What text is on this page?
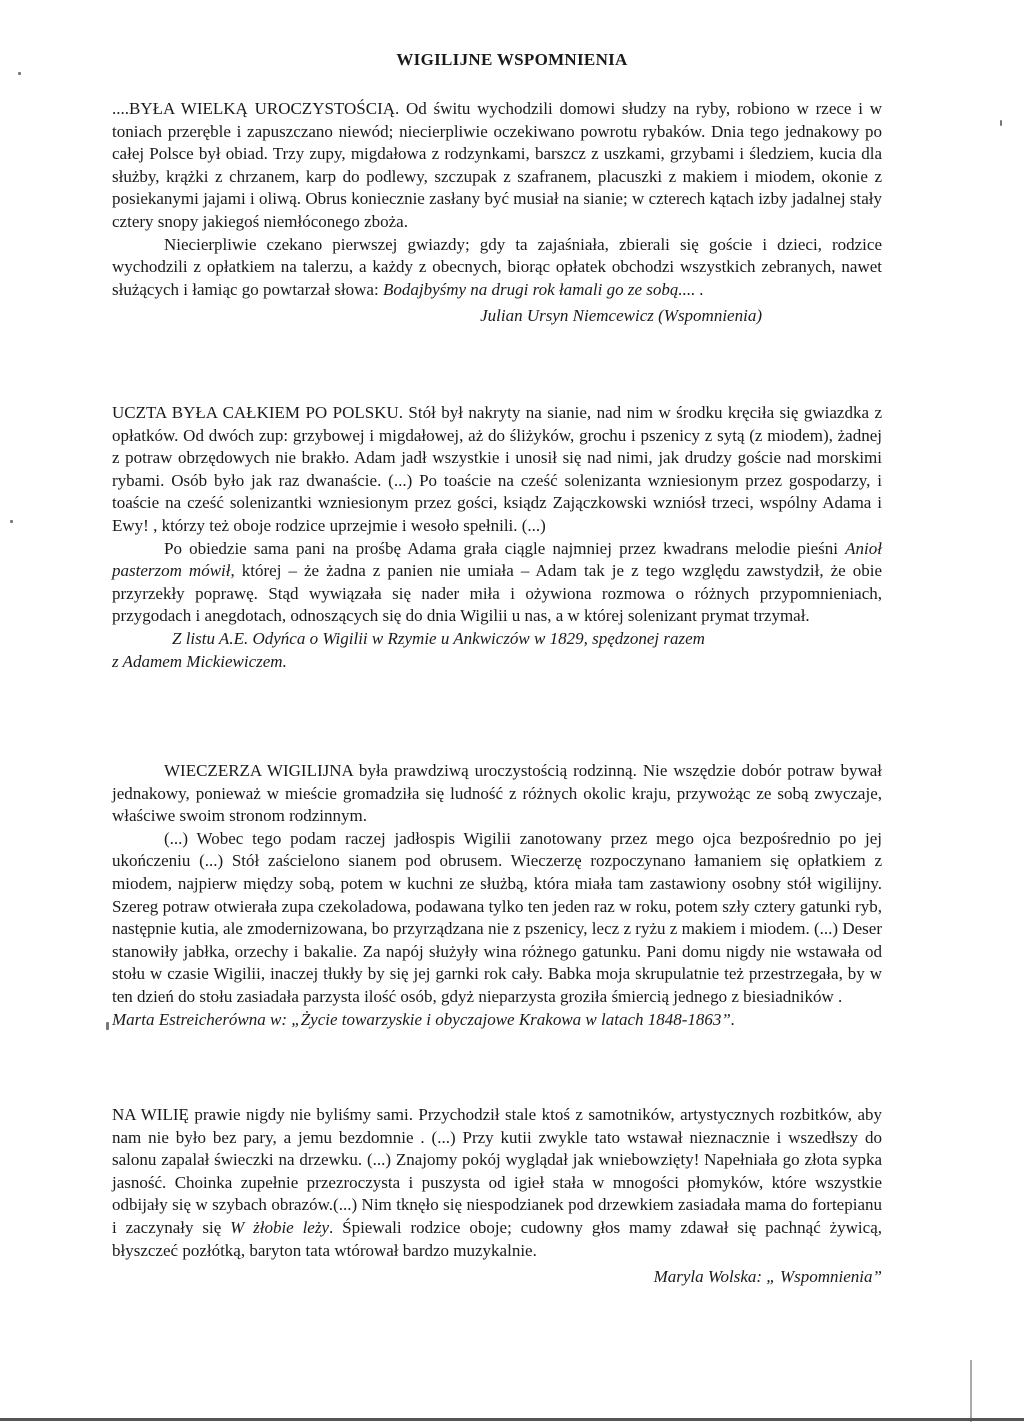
WIGILIJNE WSPOMNIENIA

....BYŁA WIELKĄ UROCZYSTOŚCIĄ. Od świtu wychodzili domowi słudzy na ryby, robiono w rzece i w toniach przeręble i zapuszczano niewód; niecierpliwie oczekiwano powrotu rybaków. Dnia tego jednakowy po całej Polsce był obiad. Trzy zupy, migdałowa z rodzynkami, barszcz z uszkami, grzybami i śledziem, kucia dla służby, krążki z chrzanem, karp do podlewy, szczupak z szafranem, placuszki z makiem i miodem, okonie z posiekanymi jajami i oliwą. Obrus koniecznie zasłany być musiał na sianie; w czterech kątach izby jadalnej stały cztery snopy jakiegoś niemłóconego zboża.

Niecierpliwie czekano pierwszej gwiazdy; gdy ta zajaśniała, zbierali się goście i dzieci, rodzice wychodzili z opłatkiem na talerzu, a każdy z obecnych, biorąc opłatek obchodzi wszystkich zebranych, nawet służących i łamiąc go powtarzał słowa: Bodajbyśmy na drugi rok łamali go ze sobą.... .

Julian Ursyn Niemcewicz (Wspomnienia)

UCZTA BYŁA CAŁKIEM PO POLSKU. Stół był nakryty na sianie, nad nim w środku kręciła się gwiazdka z opłatków. Od dwóch zup: grzybowej i migdałowej, aż do śliżyków, grochu i pszenicy z sytą (z miodem), żadnej z potraw obrzędowych nie brakło. Adam jadł wszystkie i unosił się nad nimi, jak drudzy goście nad morskimi rybami. Osób było jak raz dwanaście. (...) Po toaście na cześć solenizanta wzniesionym przez gospodarzy, i toaście na cześć solenizantki wzniesionym przez gości, ksiądz Zajączkowski wzniósł trzeci, wspólny Adama i Ewy! , którzy też oboje rodzice uprzejmie i wesoło spełnili. (...)

Po obiedzie sama pani na prośbę Adama grała ciągle najmniej przez kwadrans melodie pieśni Anioł pasterzom mówił, której – że żadna z panien nie umiała – Adam tak je z tego względu zawstydził, że obie przyrzekły poprawę. Stąd wywiązała się nader miła i ożywiona rozmowa o różnych przypomnieniach, przygodach i anegdotach, odnoszących się do dnia Wigilii u nas, a w której solenizant prymat trzymał.

Z listu A.E. Odyńca o Wigilii w Rzymie u Ankwiczów w 1829, spędzonej razem

z Adamem Mickiewiczem.

WIECZERZA WIGILIJNA była prawdziwą uroczystością rodzinną. Nie wszędzie dobór potraw bywał jednakowy, ponieważ w mieście gromadziła się ludność z różnych okolic kraju, przywożąc ze sobą zwyczaje, właściwe swoim stronom rodzinnym.

(...) Wobec tego podam raczej jadłospis Wigilii zanotowany przez mego ojca bezpośrednio po jej ukończeniu (...) Stół zaścielono sianem pod obrusem. Wieczerzę rozpoczynano łamaniem się opłatkiem z miodem, najpierw między sobą, potem w kuchni ze służbą, która miała tam zastawiony osobny stół wigilijny. Szereg potraw otwierała zupa czekoladowa, podawana tylko ten jeden raz w roku, potem szły cztery gatunki ryb, następnie kutia, ale zmodernizowana, bo przyrządzana nie z pszenicy, lecz z ryżu z makiem i miodem. (...) Deser stanowiły jabłka, orzechy i bakalie. Za napój służyły wina różnego gatunku. Pani domu nigdy nie wstawała od stołu w czasie Wigilii, inaczej tłukły by się jej garnki rok cały. Babka moja skrupulatnie też przestrzegała, by w ten dzień do stołu zasiadała parzysta ilość osób, gdyż nieparzysta groziła śmiercią jednego z biesiadników .

Marta Estreicherówna w: „Życie towarzyskie i obyczajowe Krakowa w latach 1848-1863”.

NA WILIĘ prawie nigdy nie byliśmy sami. Przychodził stale ktoś z samotników, artystycznych rozbitków, aby nam nie było bez pary, a jemu bezdomnie . (...) Przy kutii zwykle tato wstawał nieznacznie i wszedłszy do salonu zapalał świeczki na drzewku. (...) Znajomy pokój wyglądał jak wniebowzięty! Napełniała go złota sypka jasność. Choinka zupełnie przezroczysta i puszysta od igieł stała w mnogości płomyków, które wszystkie odbijały się w szybach obrazów.(...) Nim tknęło się niespodzianek pod drzewkiem zasiadała mama do fortepianu i zaczynały się W żłobie leży. Śpiewali rodzice oboje; cudowny głos mamy zdawał się pachnąć żywicą, błyszczeć pozłótką, baryton tata wtórował bardzo muzykalnie.

Maryla Wolska: „ Wspomnienia”
